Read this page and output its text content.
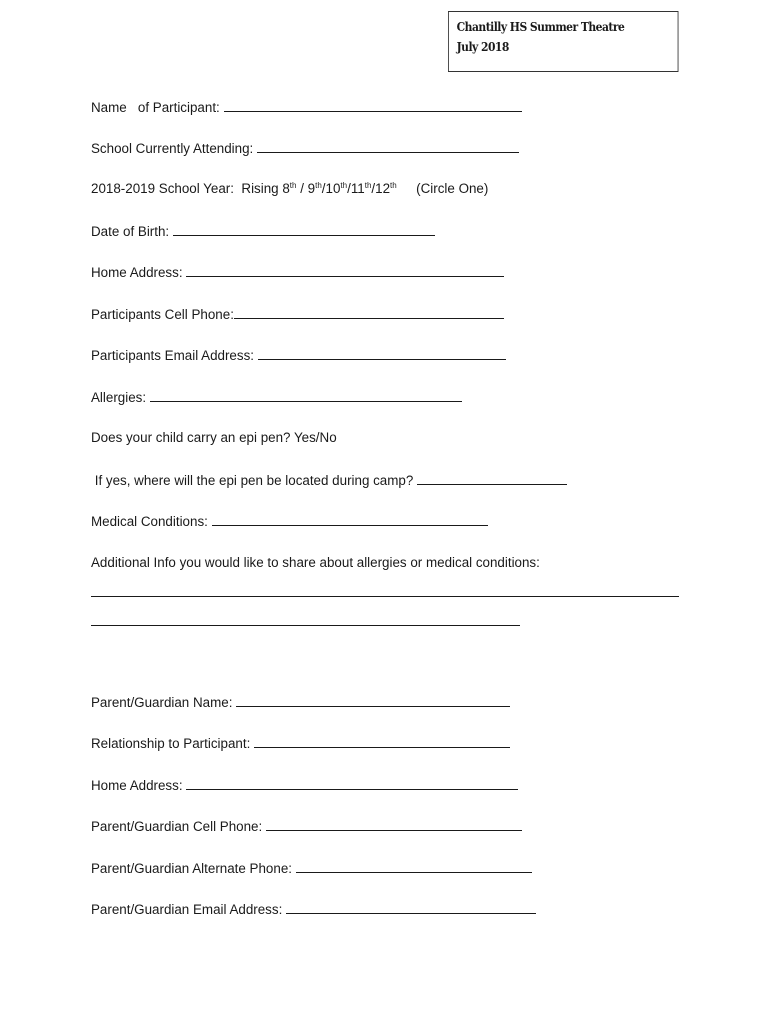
Chantilly HS Summer Theatre
July 2018
Name   of Participant:
School Currently Attending:
2018-2019 School Year:  Rising 8th / 9th/10th/11th/12th (Circle One)
Date of Birth:
Home Address:
Participants Cell Phone:
Participants Email Address:
Allergies:
Does your child carry an epi pen? Yes/No
If yes, where will the epi pen be located during camp?
Medical Conditions:
Additional Info you would like to share about allergies or medical conditions:
Parent/Guardian Name:
Relationship to Participant:
Home Address:
Parent/Guardian Cell Phone:
Parent/Guardian Alternate Phone:
Parent/Guardian Email Address:
